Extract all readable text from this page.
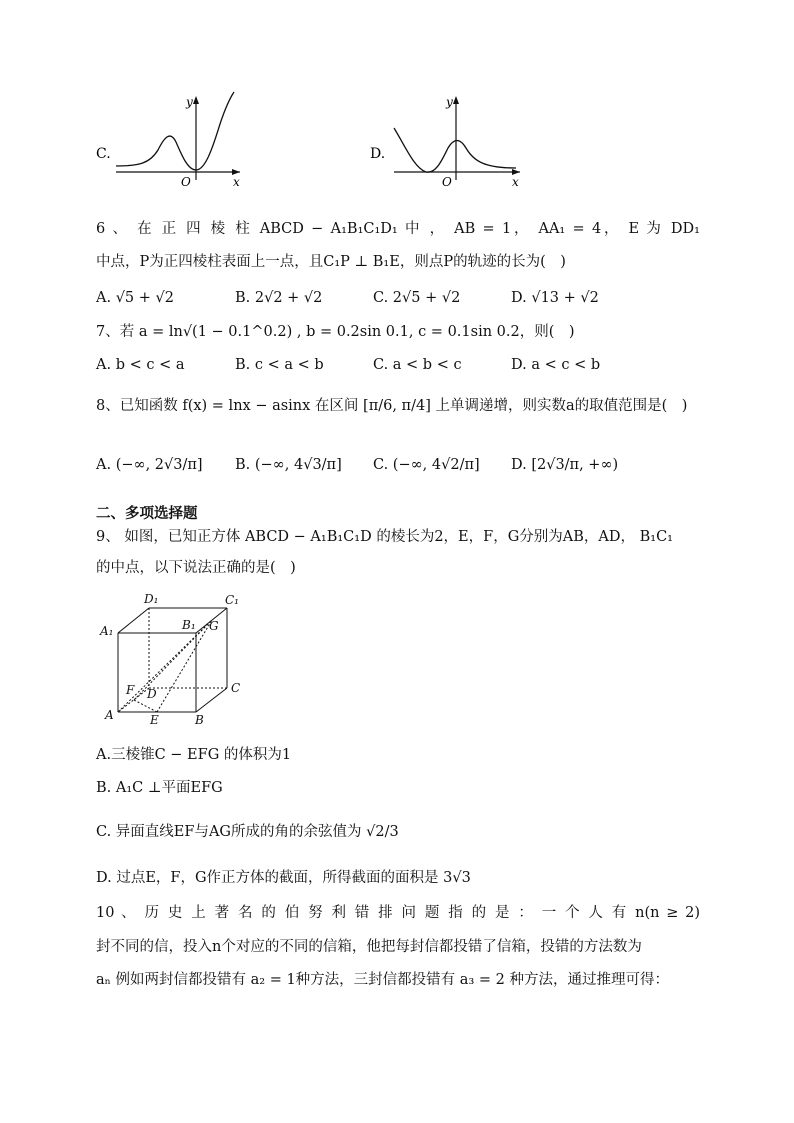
C.
y
x
O
D.
y
x
O
6 、 在 正 四 棱 柱 ABCD − A₁B₁C₁D₁ 中 ， AB = 1， AA₁ = 4， E 为 DD₁
中点，P为正四棱柱表面上一点，且C₁P ⊥ B₁E，则点P的轨迹的长为(　)
A. √5 + √2	B. 2√2 + √2	C. 2√5 + √2	D. √13 + √2
7、若 a = ln√(1 − 0.1^0.2) , b = 0.2sin 0.1, c = 0.1sin 0.2，则(　)
A. b < c < a	B. c < a < b	C. a < b < c	D. a < c < b
8、已知函数 f(x) = lnx − asinx 在区间 [π/6, π/4] 上单调递增，则实数a的取值范围是(　)
A. (−∞, 2√3/π] B. (−∞, 4√3/π] C. (−∞, 4√2/π] D. [2√3/π, +∞)
二、多项选择题
9、 如图，已知正方体 ABCD − A₁B₁C₁D 的棱长为2，E，F，G分别为AB，AD， B₁C₁
的中点，以下说法正确的是(　)
D₁	C₁
A₁	B₁ G
F D	C
A	E	B
A.三棱锥C − EFG 的体积为1
B. A₁C ⊥平面EFG
C. 异面直线EF与AG所成的角的余弦值为 √2/3
D. 过点E，F，G作正方体的截面，所得截面的面积是 3√3
10 、 历 史 上 著 名 的 伯 努 利 错 排 问 题 指 的 是 ： 一 个 人 有 n(n ≥ 2)
封不同的信，投入n个对应的不同的信箱，他把每封信都投错了信箱，投错的方法数为
aₙ 例如两封信都投错有 a₂ = 1种方法，三封信都投错有 a₃ = 2 种方法，通过推理可得：
